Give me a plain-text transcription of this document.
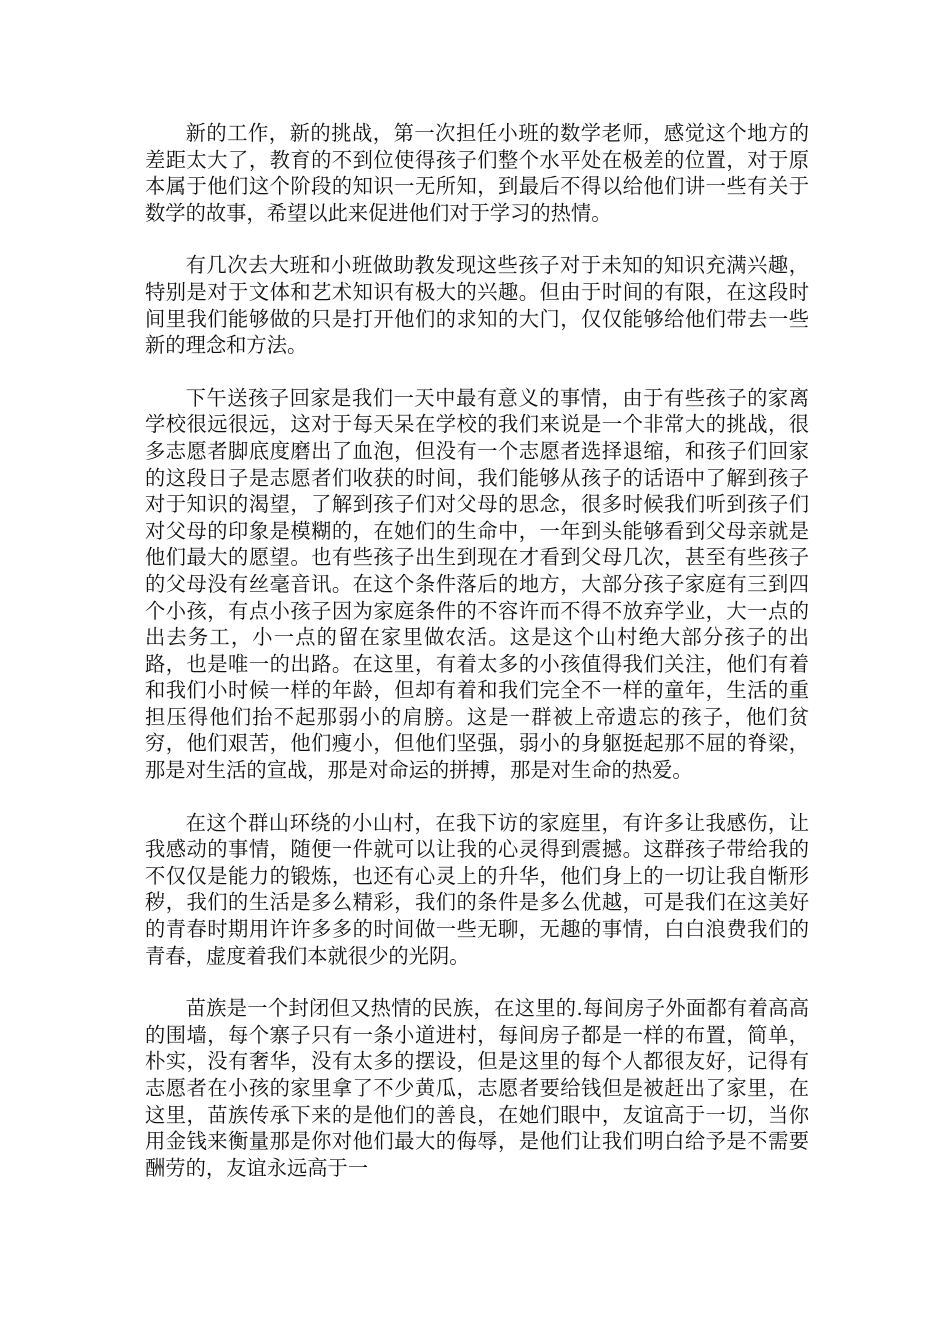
新的工作，新的挑战，第一次担任小班的数学老师，感觉这个地方的差距太大了，教育的不到位使得孩子们整个水平处在极差的位置，对于原本属于他们这个阶段的知识一无所知，到最后不得以给他们讲一些有关于数学的故事，希望以此来促进他们对于学习的热情。

有几次去大班和小班做助教发现这些孩子对于未知的知识充满兴趣，特别是对于文体和艺术知识有极大的兴趣。但由于时间的有限，在这段时间里我们能够做的只是打开他们的求知的大门，仅仅能够给他们带去一些新的理念和方法。

下午送孩子回家是我们一天中最有意义的事情，由于有些孩子的家离学校很远很远，这对于每天呆在学校的我们来说是一个非常大的挑战，很多志愿者脚底度磨出了血泡，但没有一个志愿者选择退缩，和孩子们回家的这段日子是志愿者们收获的时间，我们能够从孩子的话语中了解到孩子对于知识的渴望，了解到孩子们对父母的思念，很多时候我们听到孩子们对父母的印象是模糊的，在她们的生命中，一年到头能够看到父母亲就是他们最大的愿望。也有些孩子出生到现在才看到父母几次，甚至有些孩子的父母没有丝毫音讯。在这个条件落后的地方，大部分孩子家庭有三到四个小孩，有点小孩子因为家庭条件的不容许而不得不放弃学业，大一点的出去务工，小一点的留在家里做农活。这是这个山村绝大部分孩子的出路，也是唯一的出路。在这里，有着太多的小孩值得我们关注，他们有着和我们小时候一样的年龄，但却有着和我们完全不一样的童年，生活的重担压得他们抬不起那弱小的肩膀。这是一群被上帝遗忘的孩子，他们贫穷，他们艰苦，他们瘦小，但他们坚强，弱小的身躯挺起那不屈的脊梁，那是对生活的宣战，那是对命运的拼搏，那是对生命的热爱。

在这个群山环绕的小山村，在我下访的家庭里，有许多让我感伤，让我感动的事情，随便一件就可以让我的心灵得到震撼。这群孩子带给我的不仅仅是能力的锻炼，也还有心灵上的升华，他们身上的一切让我自惭形秽，我们的生活是多么精彩，我们的条件是多么优越，可是我们在这美好的青春时期用许许多多的时间做一些无聊，无趣的事情，白白浪费我们的青春，虚度着我们本就很少的光阴。

苗族是一个封闭但又热情的民族，在这里的.每间房子外面都有着高高的围墙，每个寨子只有一条小道进村，每间房子都是一样的布置，简单，朴实，没有奢华，没有太多的摆设，但是这里的每个人都很友好，记得有志愿者在小孩的家里拿了不少黄瓜，志愿者要给钱但是被赶出了家里，在这里，苗族传承下来的是他们的善良，在她们眼中，友谊高于一切，当你用金钱来衡量那是你对他们最大的侮辱，是他们让我们明白给予是不需要酬劳的，友谊永远高于一
